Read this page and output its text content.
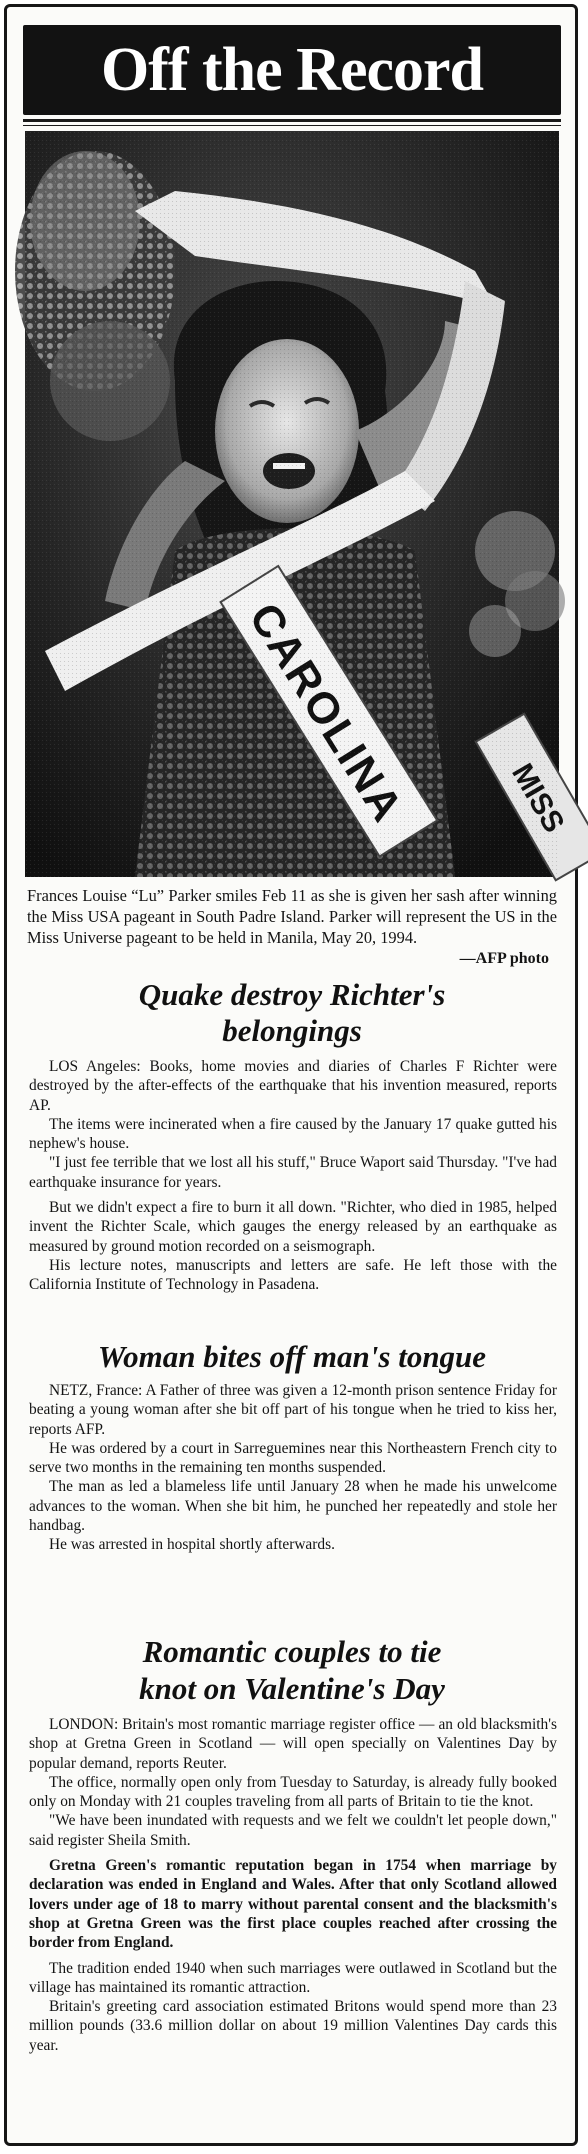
Off the Record
Frances Louise “Lu” Parker smiles Feb 11 as she is given her sash after winning the Miss USA pageant in South Padre Island. Parker will represent the US in the Miss Universe pageant to be held in Manila, May 20, 1994.
—AFP photo
Quake destroy Richter's
belongings

LOS Angeles: Books, home movies and diaries of Charles F Richter were destroyed by the after-effects of the earthquake that his invention measured, reports AP.

The items were incinerated when a fire caused by the January 17 quake gutted his nephew's house.

"I just fee terrible that we lost all his stuff," Bruce Waport said Thursday. "I've had earthquake insurance for years.

But we didn't expect a fire to burn it all down. "Richter, who died in 1985, helped invent the Richter Scale, which gauges the energy released by an earthquake as measured by ground motion recorded on a seismograph.

His lecture notes, manuscripts and letters are safe. He left those with the California Institute of Technology in Pasadena.

Woman bites off man's tongue

NETZ, France: A Father of three was given a 12-month prison sentence Friday for beating a young woman after she bit off part of his tongue when he tried to kiss her, reports AFP.

He was ordered by a court in Sarreguemines near this Northeastern French city to serve two months in the remaining ten months suspended.

The man as led a blameless life until January 28 when he made his unwelcome advances to the woman. When she bit him, he punched her repeatedly and stole her handbag.

He was arrested in hospital shortly afterwards.

Romantic couples to tie
knot on Valentine's Day

LONDON: Britain's most romantic marriage register office — an old blacksmith's shop at Gretna Green in Scotland — will open specially on Valentines Day by popular demand, reports Reuter.

The office, normally open only from Tuesday to Saturday, is already fully booked only on Monday with 21 couples traveling from all parts of Britain to tie the knot.

"We have been inundated with requests and we felt we couldn't let people down," said register Sheila Smith.

Gretna Green's romantic reputation began in 1754 when marriage by declaration was ended in England and Wales. After that only Scotland allowed lovers under age of 18 to marry without parental consent and the blacksmith's shop at Gretna Green was the first place couples reached after crossing the border from England.

The tradition ended 1940 when such marriages were outlawed in Scotland but the village has maintained its romantic attraction.

Britain's greeting card association estimated Britons would spend more than 23 million pounds (33.6 million dollar on about 19 million Valentines Day cards this year.
